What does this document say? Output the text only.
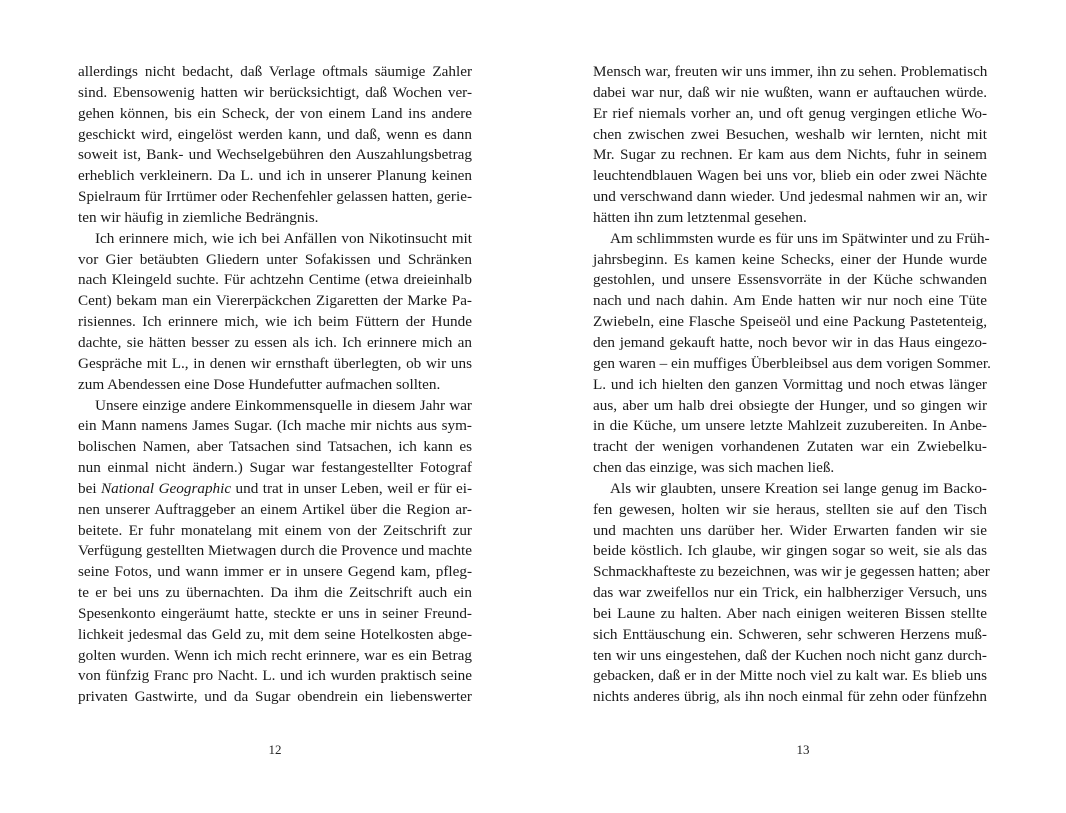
allerdings nicht bedacht, daß Verlage oftmals säumige Zahler
sind. Ebensowenig hatten wir berücksichtigt, daß Wochen ver-
gehen können, bis ein Scheck, der von einem Land ins andere
geschickt wird, eingelöst werden kann, und daß, wenn es dann
soweit ist, Bank- und Wechselgebühren den Auszahlungsbetrag
erheblich verkleinern. Da L. und ich in unserer Planung keinen
Spielraum für Irrtümer oder Rechenfehler gelassen hatten, gerie-
ten wir häufig in ziemliche Bedrängnis.
Ich erinnere mich, wie ich bei Anfällen von Nikotinsucht mit
vor Gier betäubten Gliedern unter Sofakissen und Schränken
nach Kleingeld suchte. Für achtzehn Centime (etwa dreieinhalb
Cent) bekam man ein Viererpäckchen Zigaretten der Marke Pa-
risiennes. Ich erinnere mich, wie ich beim Füttern der Hunde
dachte, sie hätten besser zu essen als ich. Ich erinnere mich an
Gespräche mit L., in denen wir ernsthaft überlegten, ob wir uns
zum Abendessen eine Dose Hundefutter aufmachen sollten.
Unsere einzige andere Einkommensquelle in diesem Jahr war
ein Mann namens James Sugar. (Ich mache mir nichts aus sym-
bolischen Namen, aber Tatsachen sind Tatsachen, ich kann es
nun einmal nicht ändern.) Sugar war festangestellter Fotograf
bei National Geographic und trat in unser Leben, weil er für ei-
nen unserer Auftraggeber an einem Artikel über die Region ar-
beitete. Er fuhr monatelang mit einem von der Zeitschrift zur
Verfügung gestellten Mietwagen durch die Provence und machte
seine Fotos, und wann immer er in unsere Gegend kam, pfleg-
te er bei uns zu übernachten. Da ihm die Zeitschrift auch ein
Spesenkonto eingeräumt hatte, steckte er uns in seiner Freund-
lichkeit jedesmal das Geld zu, mit dem seine Hotelkosten abge-
golten wurden. Wenn ich mich recht erinnere, war es ein Betrag
von fünfzig Franc pro Nacht. L. und ich wurden praktisch seine
privaten Gastwirte, und da Sugar obendrein ein liebenswerter
12
Mensch war, freuten wir uns immer, ihn zu sehen. Problematisch
dabei war nur, daß wir nie wußten, wann er auftauchen würde.
Er rief niemals vorher an, und oft genug vergingen etliche Wo-
chen zwischen zwei Besuchen, weshalb wir lernten, nicht mit
Mr. Sugar zu rechnen. Er kam aus dem Nichts, fuhr in seinem
leuchtendblauen Wagen bei uns vor, blieb ein oder zwei Nächte
und verschwand dann wieder. Und jedesmal nahmen wir an, wir
hätten ihn zum letztenmal gesehen.
Am schlimmsten wurde es für uns im Spätwinter und zu Früh-
jahrsbeginn. Es kamen keine Schecks, einer der Hunde wurde
gestohlen, und unsere Essensvorräte in der Küche schwanden
nach und nach dahin. Am Ende hatten wir nur noch eine Tüte
Zwiebeln, eine Flasche Speiseöl und eine Packung Pastetenteig,
den jemand gekauft hatte, noch bevor wir in das Haus eingezo-
gen waren – ein muffiges Überbleibsel aus dem vorigen Sommer.
L. und ich hielten den ganzen Vormittag und noch etwas länger
aus, aber um halb drei obsiegte der Hunger, und so gingen wir
in die Küche, um unsere letzte Mahlzeit zuzubereiten. In Anbe-
tracht der wenigen vorhandenen Zutaten war ein Zwiebelku-
chen das einzige, was sich machen ließ.
Als wir glaubten, unsere Kreation sei lange genug im Backo-
fen gewesen, holten wir sie heraus, stellten sie auf den Tisch
und machten uns darüber her. Wider Erwarten fanden wir sie
beide köstlich. Ich glaube, wir gingen sogar so weit, sie als das
Schmackhafteste zu bezeichnen, was wir je gegessen hatten; aber
das war zweifellos nur ein Trick, ein halbherziger Versuch, uns
bei Laune zu halten. Aber nach einigen weiteren Bissen stellte
sich Enttäuschung ein. Schweren, sehr schweren Herzens muß-
ten wir uns eingestehen, daß der Kuchen noch nicht ganz durch-
gebacken, daß er in der Mitte noch viel zu kalt war. Es blieb uns
nichts anderes übrig, als ihn noch einmal für zehn oder fünfzehn
13
